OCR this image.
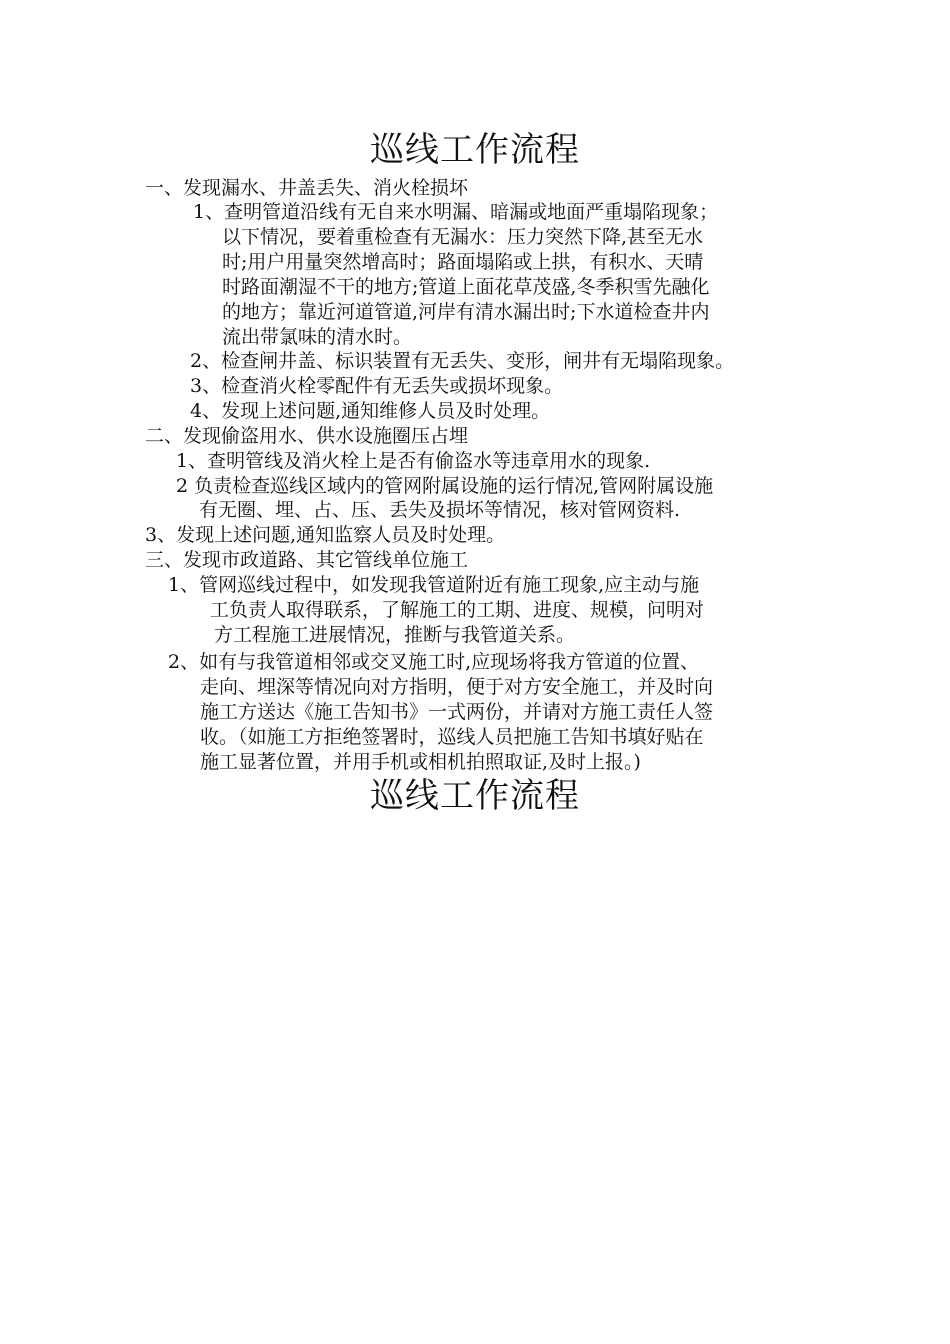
巡线工作流程
一、发现漏水、井盖丢失、消火栓损坏
1、查明管道沿线有无自来水明漏、暗漏或地面严重塌陷现象；
以下情况，要着重检查有无漏水：压力突然下降,甚至无水
时;用户用量突然增高时；路面塌陷或上拱，有积水、天晴
时路面潮湿不干的地方;管道上面花草茂盛,冬季积雪先融化
的地方；靠近河道管道,河岸有清水漏出时;下水道检查井内
流出带氯味的清水时。
2、检查闸井盖、标识装置有无丢失、变形，闸井有无塌陷现象。
3、检查消火栓零配件有无丢失或损坏现象。
4、发现上述问题,通知维修人员及时处理。
二、发现偷盗用水、供水设施圈压占埋
1、查明管线及消火栓上是否有偷盗水等违章用水的现象.
2 负责检查巡线区域内的管网附属设施的运行情况,管网附属设施
有无圈、埋、占、压、丢失及损坏等情况，核对管网资料.
3、发现上述问题,通知监察人员及时处理。
三、发现市政道路、其它管线单位施工
1、管网巡线过程中，如发现我管道附近有施工现象,应主动与施
工负责人取得联系，了解施工的工期、进度、规模，问明对
方工程施工进展情况，推断与我管道关系。
2、如有与我管道相邻或交叉施工时,应现场将我方管道的位置、
走向、埋深等情况向对方指明，便于对方安全施工，并及时向
施工方送达《施工告知书》一式两份，并请对方施工责任人签
收。（如施工方拒绝签署时，巡线人员把施工告知书填好贴在
施工显著位置，并用手机或相机拍照取证,及时上报。)
巡线工作流程
